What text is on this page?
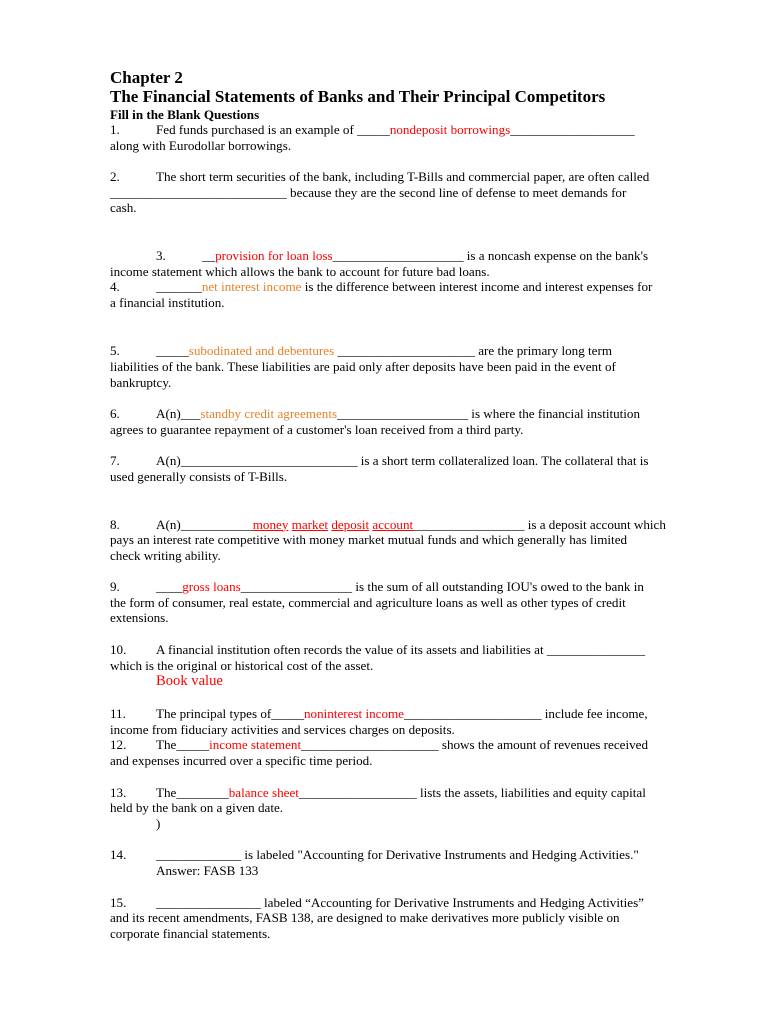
Chapter 2
The Financial Statements of Banks and Their Principal Competitors
Fill in the Blank Questions
1.	Fed funds purchased is an example of _____nondeposit borrowings___________________
along with Eurodollar borrowings.
2.	The short term securities of the bank, including T-Bills and commercial paper, are often called
___________________________ because they are the second line of defense to meet demands for
cash.
3.	__provision for loan loss____________________ is a noncash expense on the bank's
income statement which allows the bank to account for future bad loans.
4.	_______net interest income is the difference between interest income and interest expenses for
a financial institution.
5.	_____subodinated and debentures _____________________ are the primary long term
liabilities of the bank. These liabilities are paid only after deposits have been paid in the event of
bankruptcy.
6.	A(n)___standby credit agreements____________________ is where the financial institution
agrees to guarantee repayment of a customer's loan received from a third party.
7.	A(n)___________________________ is a short term collateralized loan. The collateral that is
used generally consists of T-Bills.
8.	A(n)___________money market deposit account_________________ is a deposit account which
pays an interest rate competitive with money market mutual funds and which generally has limited
check writing ability.
9.	____gross loans_________________ is the sum of all outstanding IOU's owed to the bank in
the form of consumer, real estate, commercial and agriculture loans as well as other types of credit
extensions.
10. A financial institution often records the value of its assets and liabilities at _______________
which is the original or historical cost of the asset.
Book value
11. The principal types of_____noninterest income_____________________ include fee income,
income from fiduciary activities and services charges on deposits.
12. The_____income statement_____________________ shows the amount of revenues received
and expenses incurred over a specific time period.
13. The________balance sheet__________________ lists the assets, liabilities and equity capital
held by the bank on a given date.
)
14. _____________ is labeled "Accounting for Derivative Instruments and Hedging Activities."
Answer: FASB 133
15. ________________ labeled “Accounting for Derivative Instruments and Hedging Activities”
and its recent amendments, FASB 138, are designed to make derivatives more publicly visible on
corporate financial statements.
